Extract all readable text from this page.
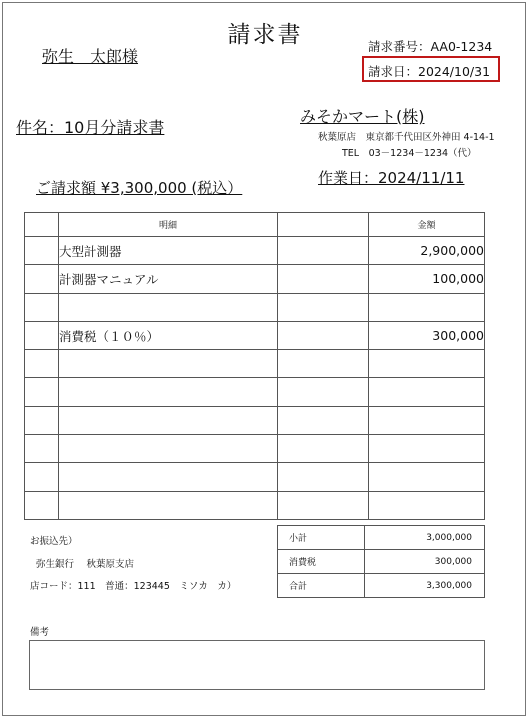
請求書
弥生　太郎様
請求番号：AA0-1234
請求日：2024/10/31
件名：10月分請求書
みそかマート(株)
秋葉原店　東京都千代田区外神田 4-14-1
TEL　03－1234－1234（代）
ご請求額 ¥3,300,000 (税込）
作業日：2024/11/11
	明細		金額
	大型計測器		2,900,000
	計測器マニュアル		100,000

	消費税（１０％）		300,000

お振込先）
弥生銀行　 秋葉原支店
店コード：111　普通：123445　ミソカ　カ）
小計	3,000,000
消費税	300,000
合計	3,300,000
備考
